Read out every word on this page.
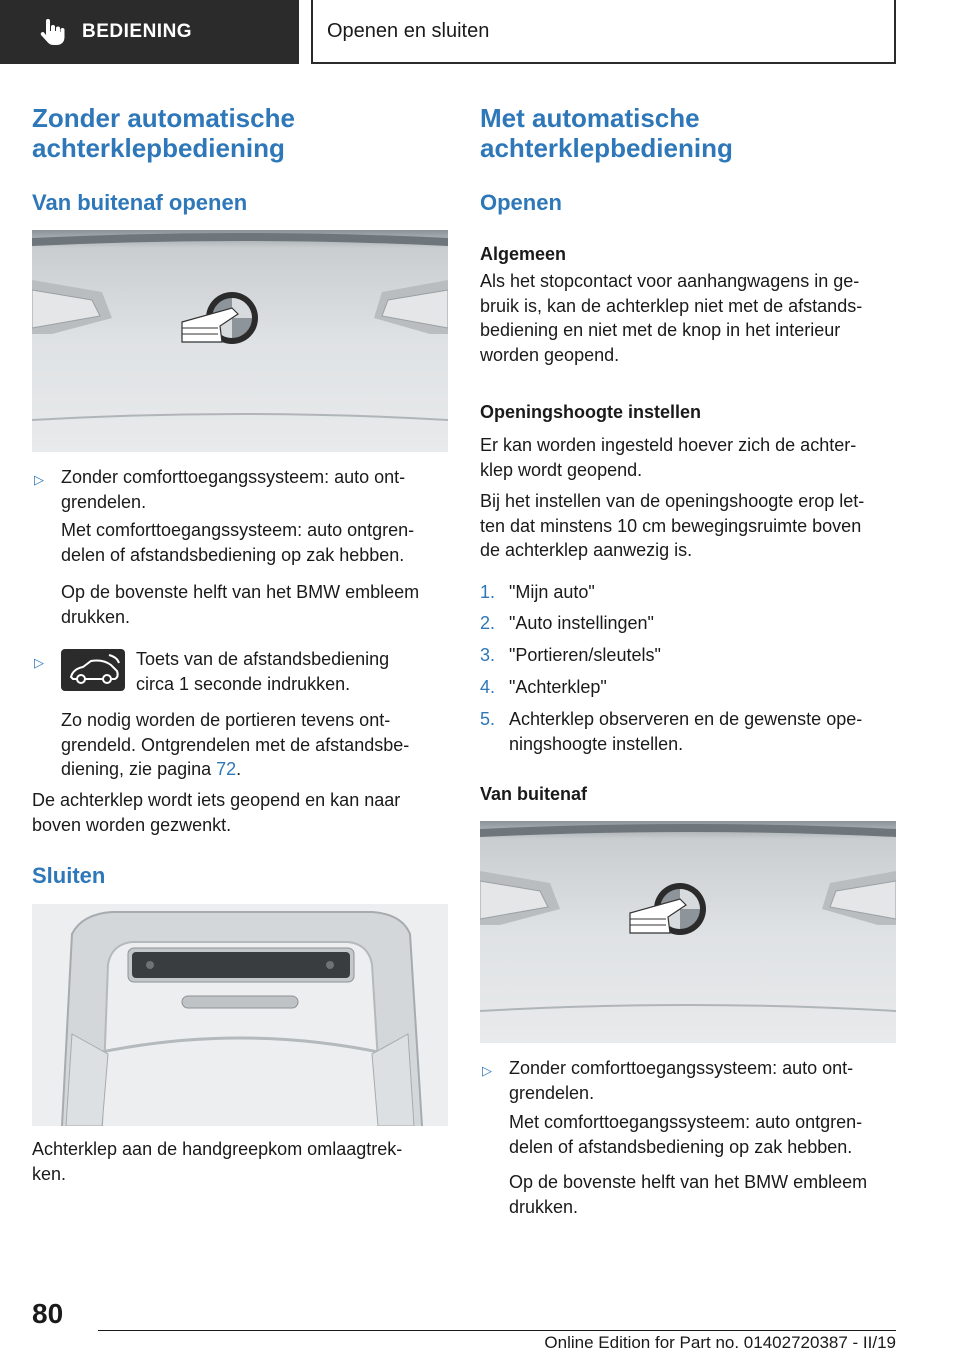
BEDIENING	Openen en sluiten
Zonder automatische
achterklepbediening
Van buitenaf openen
▷ Zonder comforttoegangssysteem: auto ont-
grendelen.

Met comforttoegangssysteem: auto ontgren-
delen of afstandsbediening op zak hebben.

Op de bovenste helft van het BMW embleem
drukken.

▷	Toets van de afstandsbediening
circa 1 seconde indrukken.

Zo nodig worden de portieren tevens ont-
grendeld. Ontgrendelen met de afstandsbe-
diening, zie pagina 72.

De achterklep wordt iets geopend en kan naar
boven worden gezwenkt.

Sluiten

Achterklep aan de handgreepkom omlaagtrek-
ken.

Met automatische
achterklepbediening
Openen
Algemeen

Als het stopcontact voor aanhangwagens in ge-
bruik is, kan de achterklep niet met de afstands-
bediening en niet met de knop in het interieur
worden geopend.

Openingshoogte instellen

Er kan worden ingesteld hoever zich de achter-
klep wordt geopend.

Bij het instellen van de openingshoogte erop let-
ten dat minstens 10 cm bewegingsruimte boven
de achterklep aanwezig is.

1. "Mijn auto"

2. "Auto instellingen"

3. "Portieren/sleutels"

4. "Achterklep"

5. Achterklep observeren en de gewenste ope-
ningshoogte instellen.

Van buitenaf
▷ Zonder comforttoegangssysteem: auto ont-
grendelen.

Met comforttoegangssysteem: auto ontgren-
delen of afstandsbediening op zak hebben.

Op de bovenste helft van het BMW embleem
drukken.

80
Online Edition for Part no. 01402720387 - II/19
